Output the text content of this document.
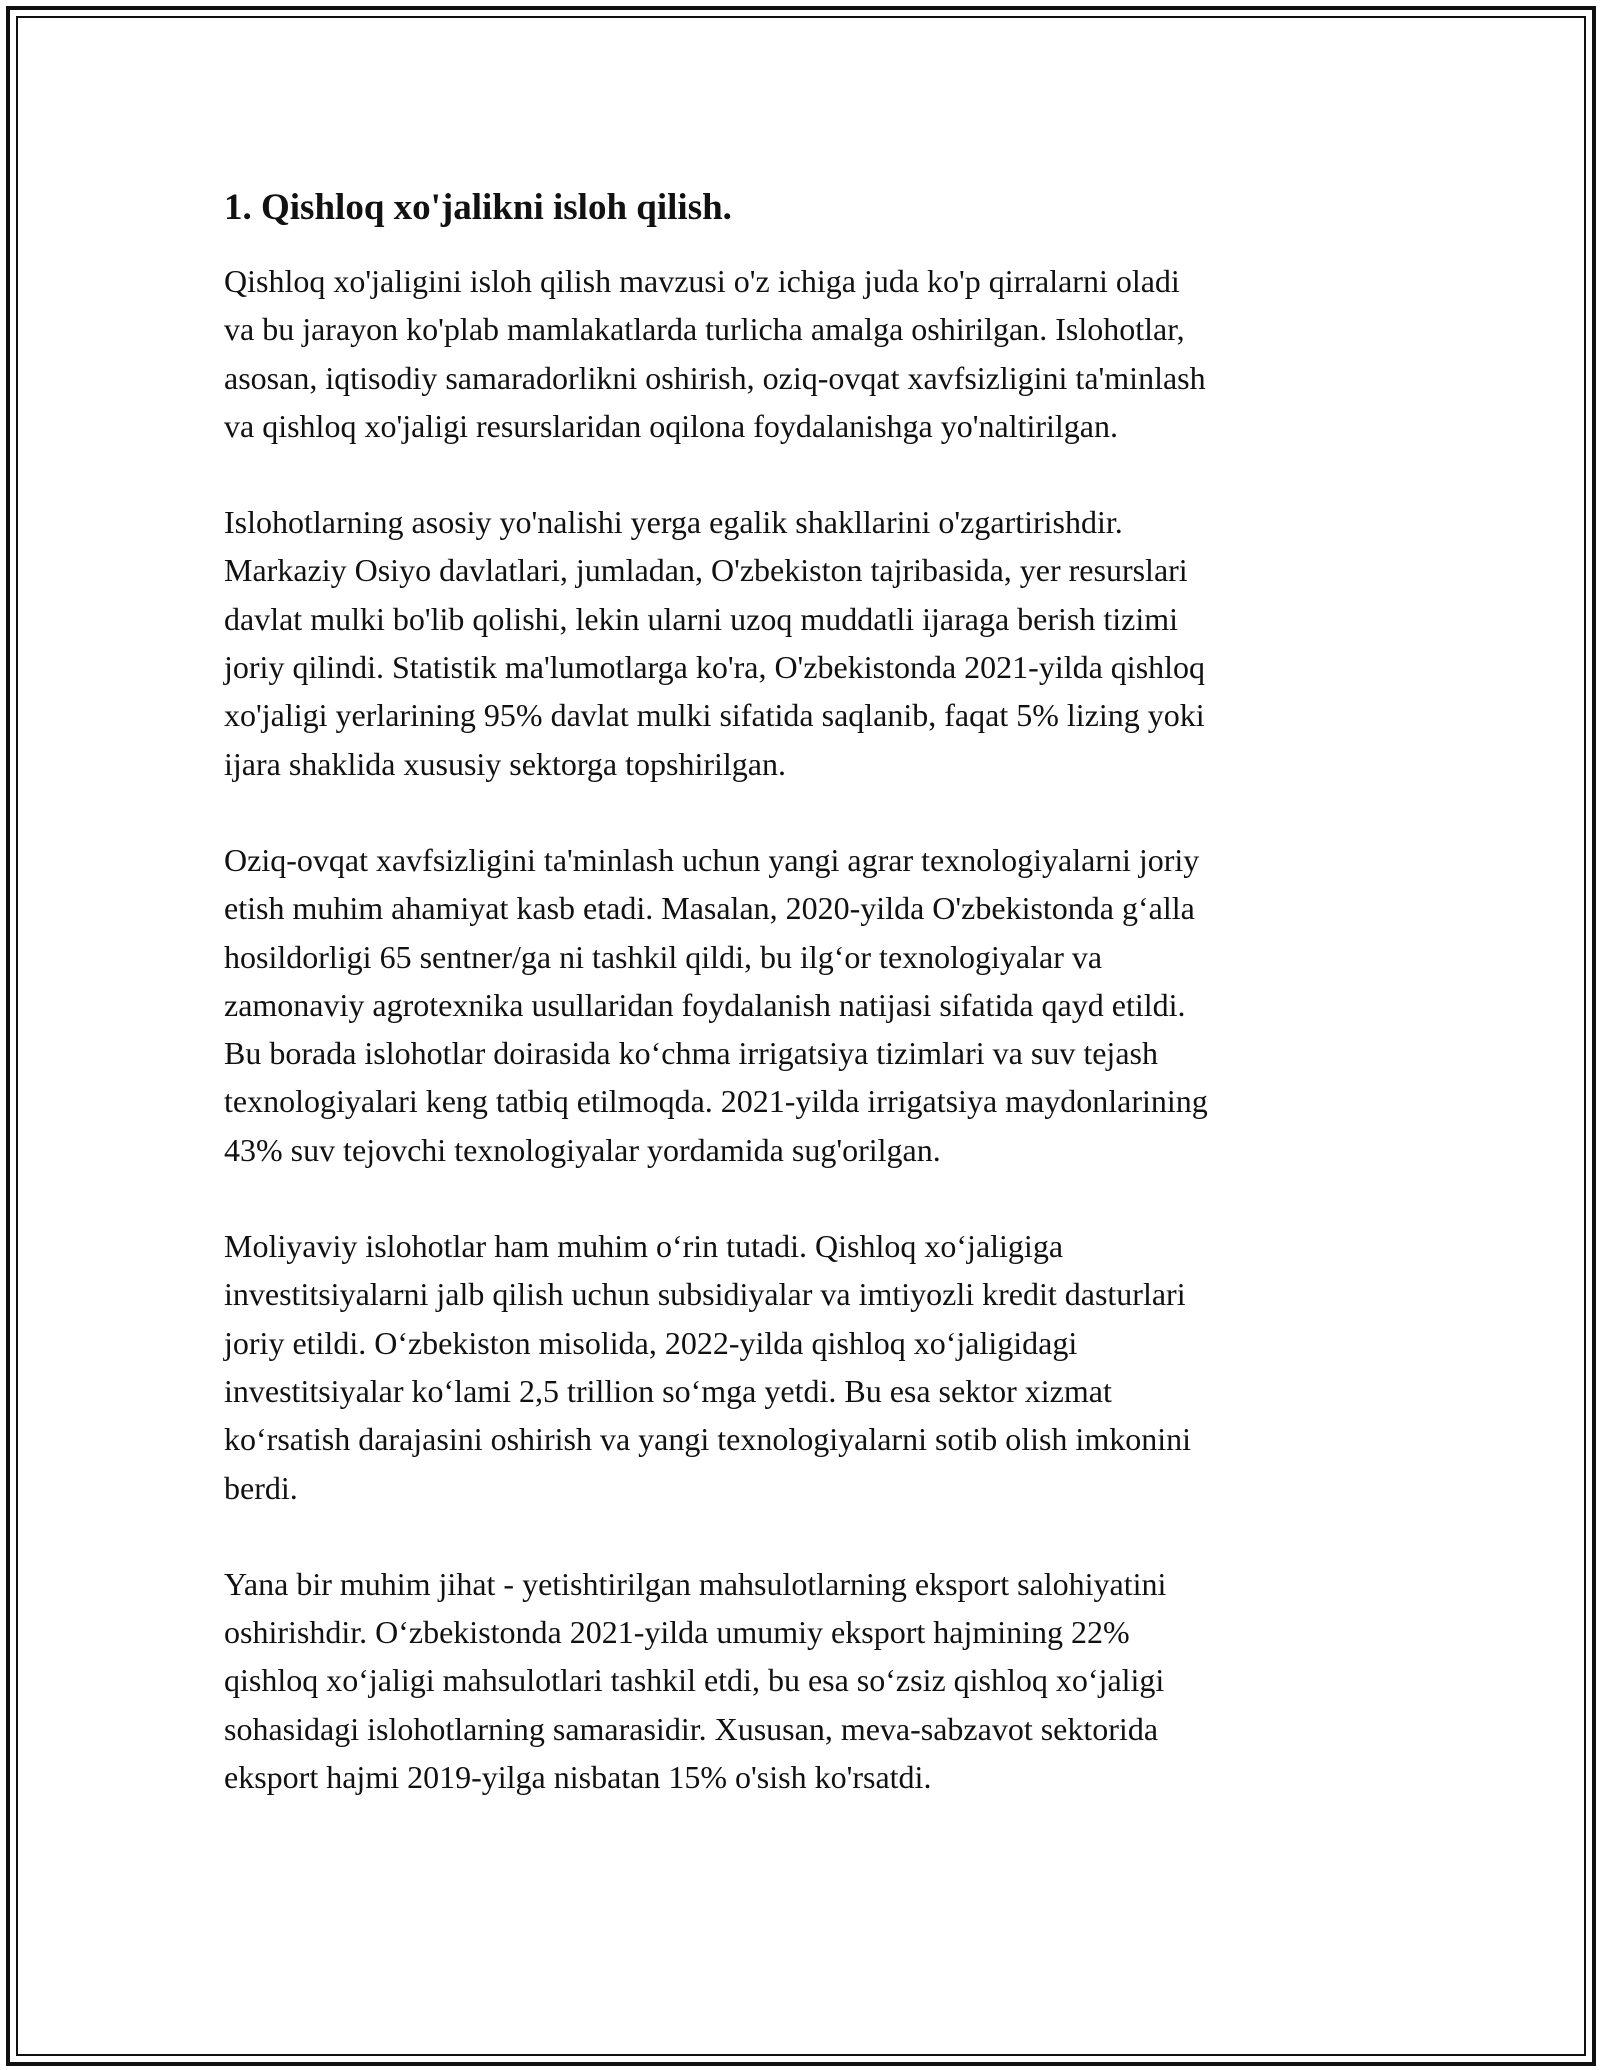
1. Qishloq xo'jalikni isloh qilish.

Qishloq xo'jaligini isloh qilish mavzusi o'z ichiga juda ko'p qirralarni oladi
va bu jarayon ko'plab mamlakatlarda turlicha amalga oshirilgan. Islohotlar,
asosan, iqtisodiy samaradorlikni oshirish, oziq-ovqat xavfsizligini ta'minlash
va qishloq xo'jaligi resurslaridan oqilona foydalanishga yo'naltirilgan.

Islohotlarning asosiy yo'nalishi yerga egalik shakllarini o'zgartirishdir.
Markaziy Osiyo davlatlari, jumladan, O'zbekiston tajribasida, yer resurslari
davlat mulki bo'lib qolishi, lekin ularni uzoq muddatli ijaraga berish tizimi
joriy qilindi. Statistik ma'lumotlarga ko'ra, O'zbekistonda 2021-yilda qishloq
xo'jaligi yerlarining 95% davlat mulki sifatida saqlanib, faqat 5% lizing yoki
ijara shaklida xususiy sektorga topshirilgan.

Oziq-ovqat xavfsizligini ta'minlash uchun yangi agrar texnologiyalarni joriy
etish muhim ahamiyat kasb etadi. Masalan, 2020-yilda O'zbekistonda g‘alla
hosildorligi 65 sentner/ga ni tashkil qildi, bu ilg‘or texnologiyalar va
zamonaviy agrotexnika usullaridan foydalanish natijasi sifatida qayd etildi.
Bu borada islohotlar doirasida ko‘chma irrigatsiya tizimlari va suv tejash
texnologiyalari keng tatbiq etilmoqda. 2021-yilda irrigatsiya maydonlarining
43% suv tejovchi texnologiyalar yordamida sug'orilgan.

Moliyaviy islohotlar ham muhim o‘rin tutadi. Qishloq xo‘jaligiga
investitsiyalarni jalb qilish uchun subsidiyalar va imtiyozli kredit dasturlari
joriy etildi. O‘zbekiston misolida, 2022-yilda qishloq xo‘jaligidagi
investitsiyalar ko‘lami 2,5 trillion so‘mga yetdi. Bu esa sektor xizmat
ko‘rsatish darajasini oshirish va yangi texnologiyalarni sotib olish imkonini
berdi.

Yana bir muhim jihat - yetishtirilgan mahsulotlarning eksport salohiyatini
oshirishdir. O‘zbekistonda 2021-yilda umumiy eksport hajmining 22%
qishloq xo‘jaligi mahsulotlari tashkil etdi, bu esa so‘zsiz qishloq xo‘jaligi
sohasidagi islohotlarning samarasidir. Xususan, meva-sabzavot sektorida
eksport hajmi 2019-yilga nisbatan 15% o'sish ko'rsatdi.
